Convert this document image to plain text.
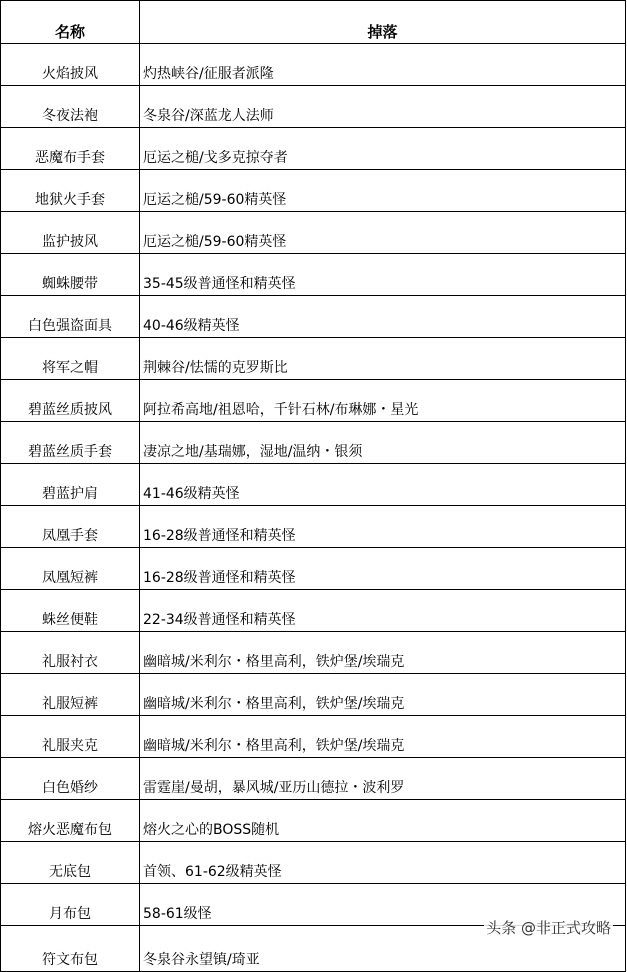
名称	掉落
火焰披风	灼热峡谷/征服者派隆
冬夜法袍	冬泉谷/深蓝龙人法师
恶魔布手套	厄运之槌/戈多克掠夺者
地狱火手套	厄运之槌/59-60精英怪
监护披风	厄运之槌/59-60精英怪
蜘蛛腰带	35-45级普通怪和精英怪
白色强盗面具	40-46级精英怪
将军之帽	荆棘谷/怯懦的克罗斯比
碧蓝丝质披风	阿拉希高地/祖恩哈，千针石林/布琳娜・星光
碧蓝丝质手套	凄凉之地/基瑞娜，湿地/温纳・银须
碧蓝护肩	41-46级精英怪
凤凰手套	16-28级普通怪和精英怪
凤凰短裤	16-28级普通怪和精英怪
蛛丝便鞋	22-34级普通怪和精英怪
礼服衬衣	幽暗城/米利尔・格里高利，铁炉堡/埃瑞克
礼服短裤	幽暗城/米利尔・格里高利，铁炉堡/埃瑞克
礼服夹克	幽暗城/米利尔・格里高利，铁炉堡/埃瑞克
白色婚纱	雷霆崖/曼胡，暴风城/亚历山德拉・波利罗
熔火恶魔布包	熔火之心的BOSS随机
无底包	首领、61-62级精英怪
月布包	58-61级怪
符文布包	冬泉谷永望镇/琦亚
头条 @非正式攻略
